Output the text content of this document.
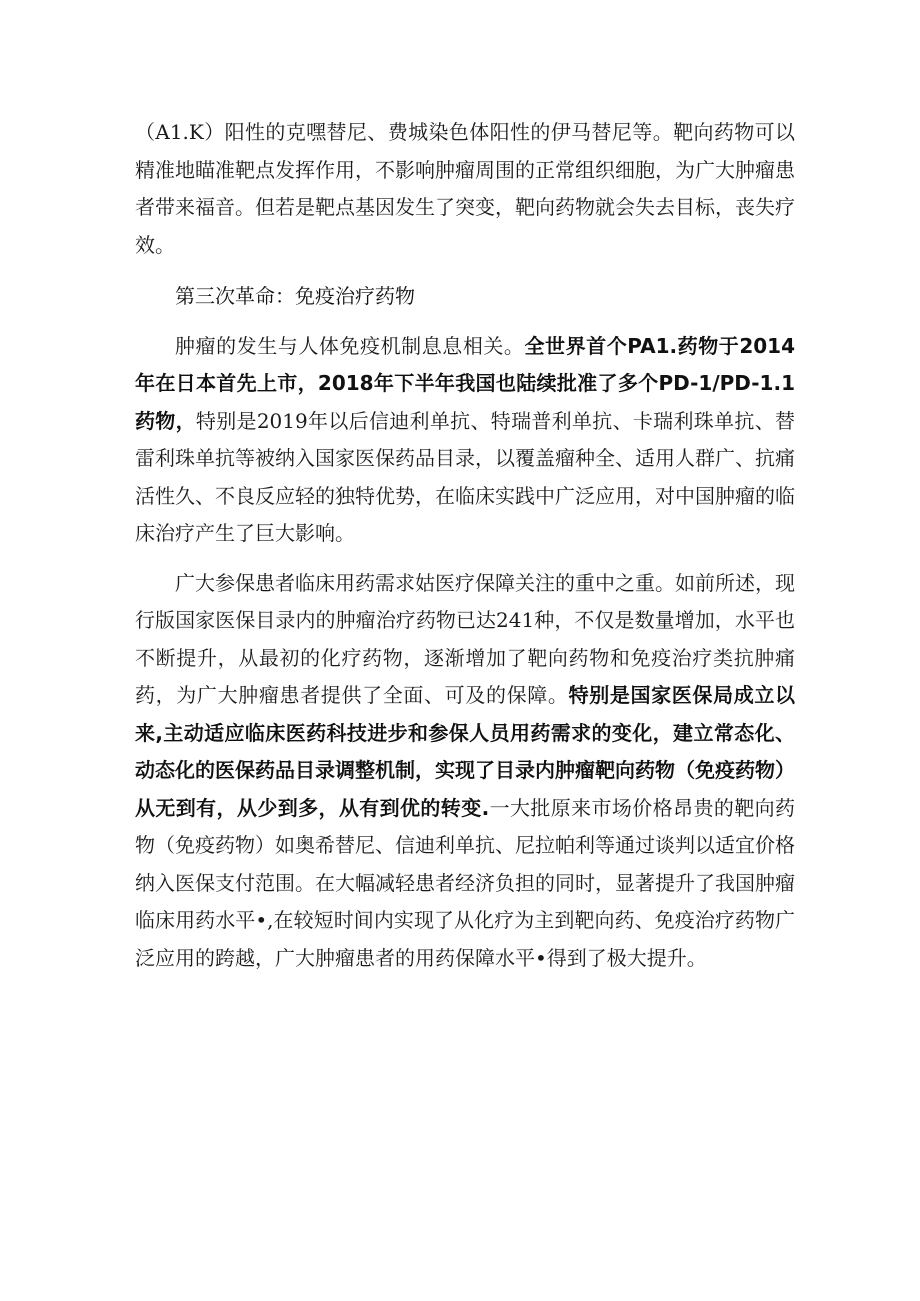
（A1.K）阳性的克嘿替尼、费城染色体阳性的伊马替尼等。靶向药物可以精准地瞄准靶点发挥作用，不影响肿瘤周围的正常组织细胞，为广大肿瘤患者带来福音。但若是靶点基因发生了突变，靶向药物就会失去目标，丧失疗效。

第三次革命：免疫治疗药物

肿瘤的发生与人体免疫机制息息相关。全世界首个PA1.药物于2014年在日本首先上市，2018年下半年我国也陆续批准了多个PD-1/PD-1.1药物，特别是2019年以后信迪利单抗、特瑞普利单抗、卡瑞利珠单抗、替雷利珠单抗等被纳入国家医保药品目录，以覆盖瘤种全、适用人群广、抗痛活性久、不良反应轻的独特优势，在临床实践中广泛应用，对中国肿瘤的临床治疗产生了巨大影响。

广大参保患者临床用药需求姑医疗保障关注的重中之重。如前所述，现行版国家医保目录内的肿瘤治疗药物已达241种，不仅是数量增加，水平也不断提升，从最初的化疗药物，逐渐增加了靶向药物和免疫治疗类抗肿痛药，为广大肿瘤患者提供了全面、可及的保障。特别是国家医保局成立以来,主动适应临床医药科技进步和参保人员用药需求的变化，建立常态化、动态化的医保药品目录调整机制，实现了目录内肿瘤靶向药物（免疫药物）从无到有，从少到多，从有到优的转变.一大批原来市场价格昂贵的靶向药物（免疫药物）如奥希替尼、信迪利单抗、尼拉帕利等通过谈判以适宜价格纳入医保支付范围。在大幅减轻患者经济负担的同时，显著提升了我国肿瘤临床用药水平•,在较短时间内实现了从化疗为主到靶向药、免疫治疗药物广泛应用的跨越，广大肿瘤患者的用药保障水平•得到了极大提升。
